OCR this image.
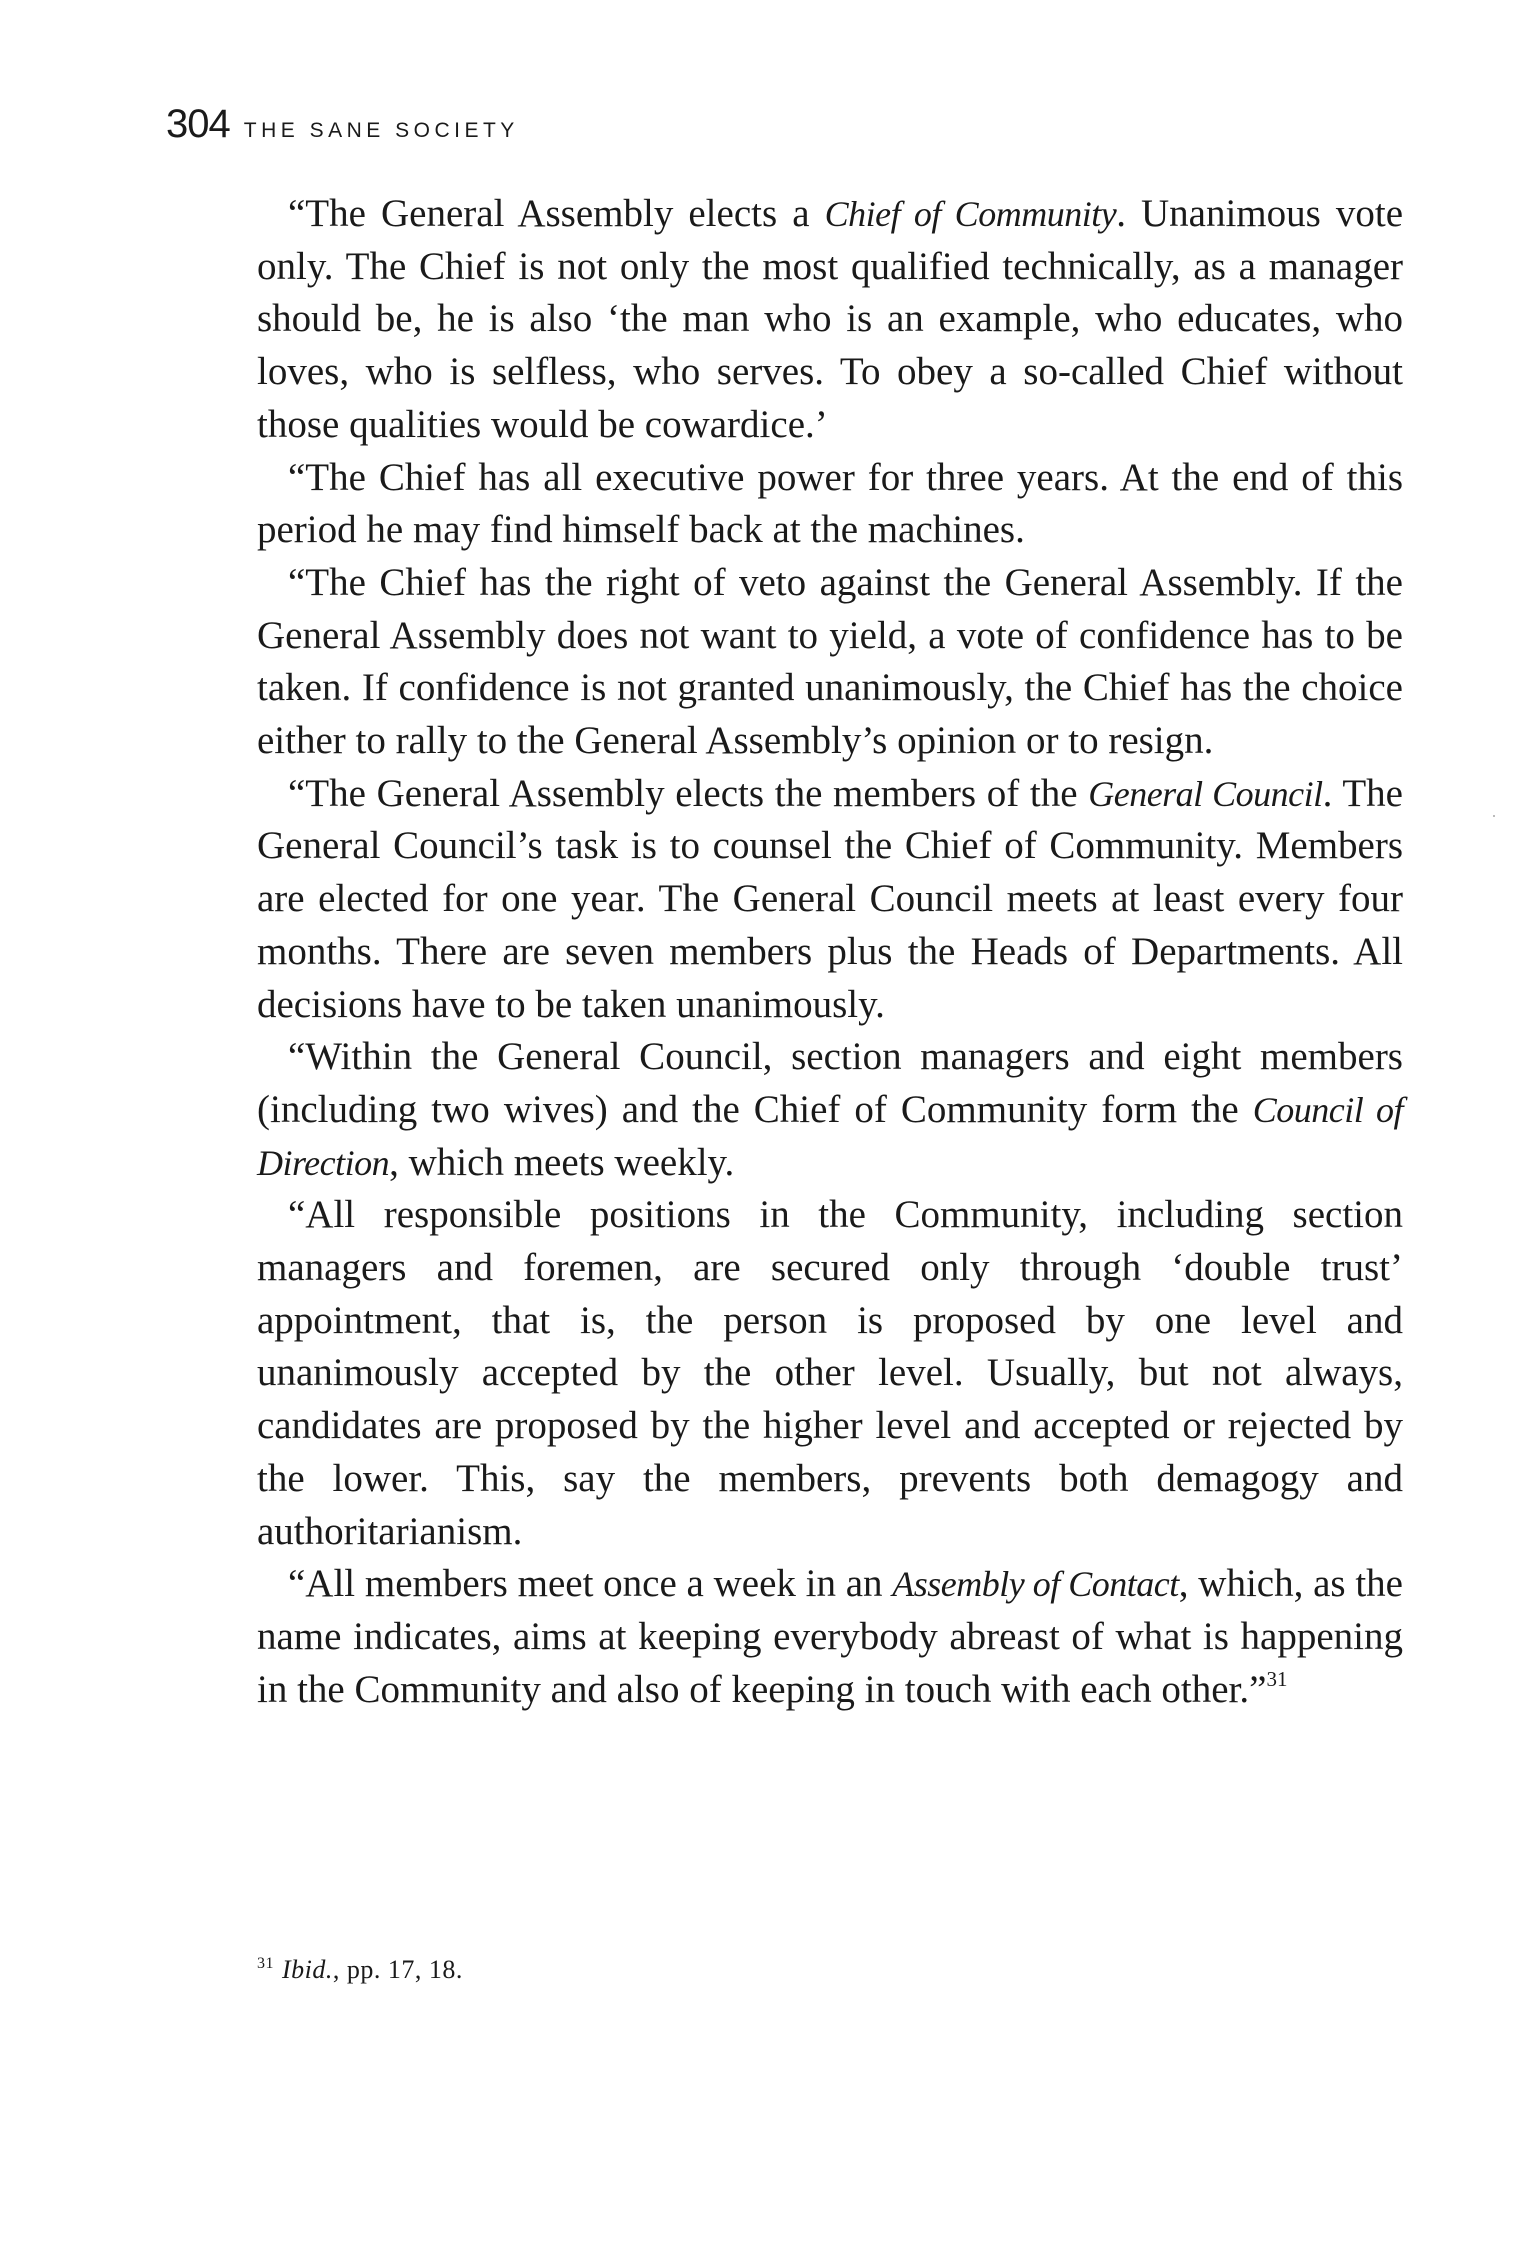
304 THE SANE SOCIETY

“The General Assembly elects a Chief of Community. Unanimous vote only. The Chief is not only the most qualified technically, as a manager should be, he is also ‘the man who is an example, who educates, who loves, who is selfless, who serves. To obey a so-called Chief without those qualities would be cowardice.’

“The Chief has all executive power for three years. At the end of this period he may find himself back at the machines.

“The Chief has the right of veto against the General Assembly. If the General Assembly does not want to yield, a vote of confidence has to be taken. If confidence is not granted unanimously, the Chief has the choice either to rally to the General Assembly’s opinion or to resign.

“The General Assembly elects the members of the General Council. The General Council’s task is to counsel the Chief of Community. Members are elected for one year. The General Council meets at least every four months. There are seven members plus the Heads of Departments. All decisions have to be taken unanimously.

“Within the General Council, section managers and eight members (including two wives) and the Chief of Community form the Council of Direction, which meets weekly.

“All responsible positions in the Community, including section managers and foremen, are secured only through ‘double trust’ appointment, that is, the person is proposed by one level and unanimously accepted by the other level. Usually, but not always, candidates are proposed by the higher level and accepted or rejected by the lower. This, say the members, prevents both demagogy and authoritarianism.

“All members meet once a week in an Assembly of Contact, which, as the name indicates, aims at keeping everybody abreast of what is happening in the Community and also of keeping in touch with each other.”$^{31}$

$^{31}$ Ibid., pp. 17, 18.
